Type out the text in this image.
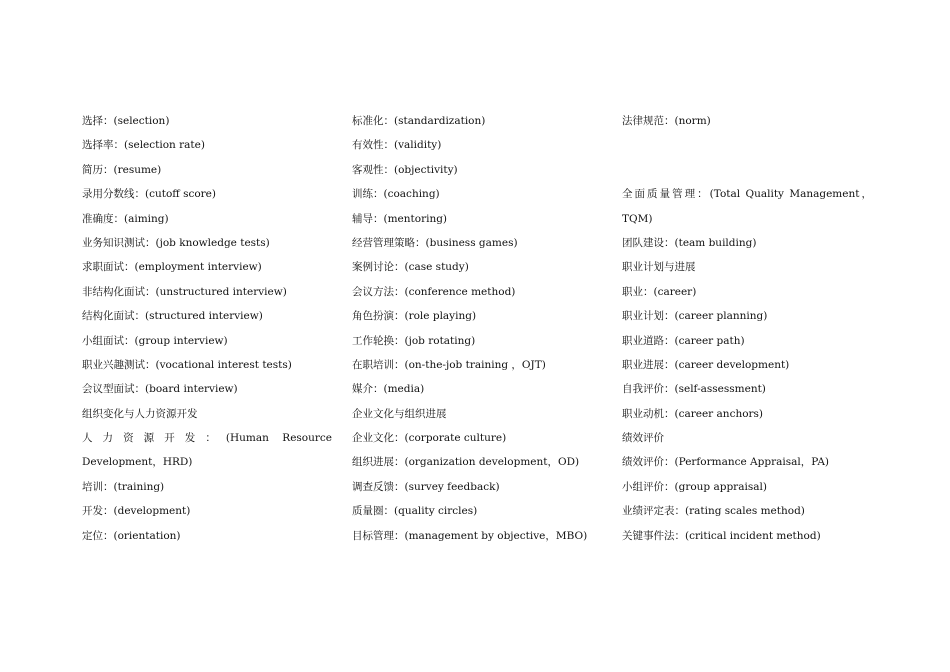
选择：(selection)
选择率：(selection rate)
简历：(resume)
录用分数线：(cutoff score)
准确度：(aiming)
业务知识测试：(job knowledge tests)
求职面试：(employment interview)
非结构化面试：(unstructured interview)
结构化面试：(structured interview)
小组面试：(group interview)
职业兴趣测试：(vocational interest tests)
会议型面试：(board interview)
组织变化与人力资源开发
人力资源开发：(Human Resource Development，HRD)
培训：(training)
开发：(development)
定位：(orientation)
标准化：(standardization)
有效性：(validity)
客观性：(objectivity)
训练：(coaching)
辅导：(mentoring)
经营管理策略：(business games)
案例讨论：(case study)
会议方法：(conference method)
角色扮演：(role playing)
工作轮换：(job rotating)
在职培训：(on-the-job training ，OJT)
媒介：(media)
企业文化与组织进展
企业文化：(corporate culture)
组织进展：(organization development，OD)
调查反馈：(survey feedback)
质量圈：(quality circles)
目标管理：(management by objective，MBO)
法律规范：(norm)
全面质量管理：(Total Quality Management，TQM)
团队建设：(team building)
职业计划与进展
职业：(career)
职业计划：(career planning)
职业道路：(career path)
职业进展：(career development)
自我评价：(self-assessment)
职业动机：(career anchors)
绩效评价
绩效评价：(Performance Appraisal，PA)
小组评价：(group appraisal)
业绩评定表：(rating scales method)
关键事件法：(critical incident method)
